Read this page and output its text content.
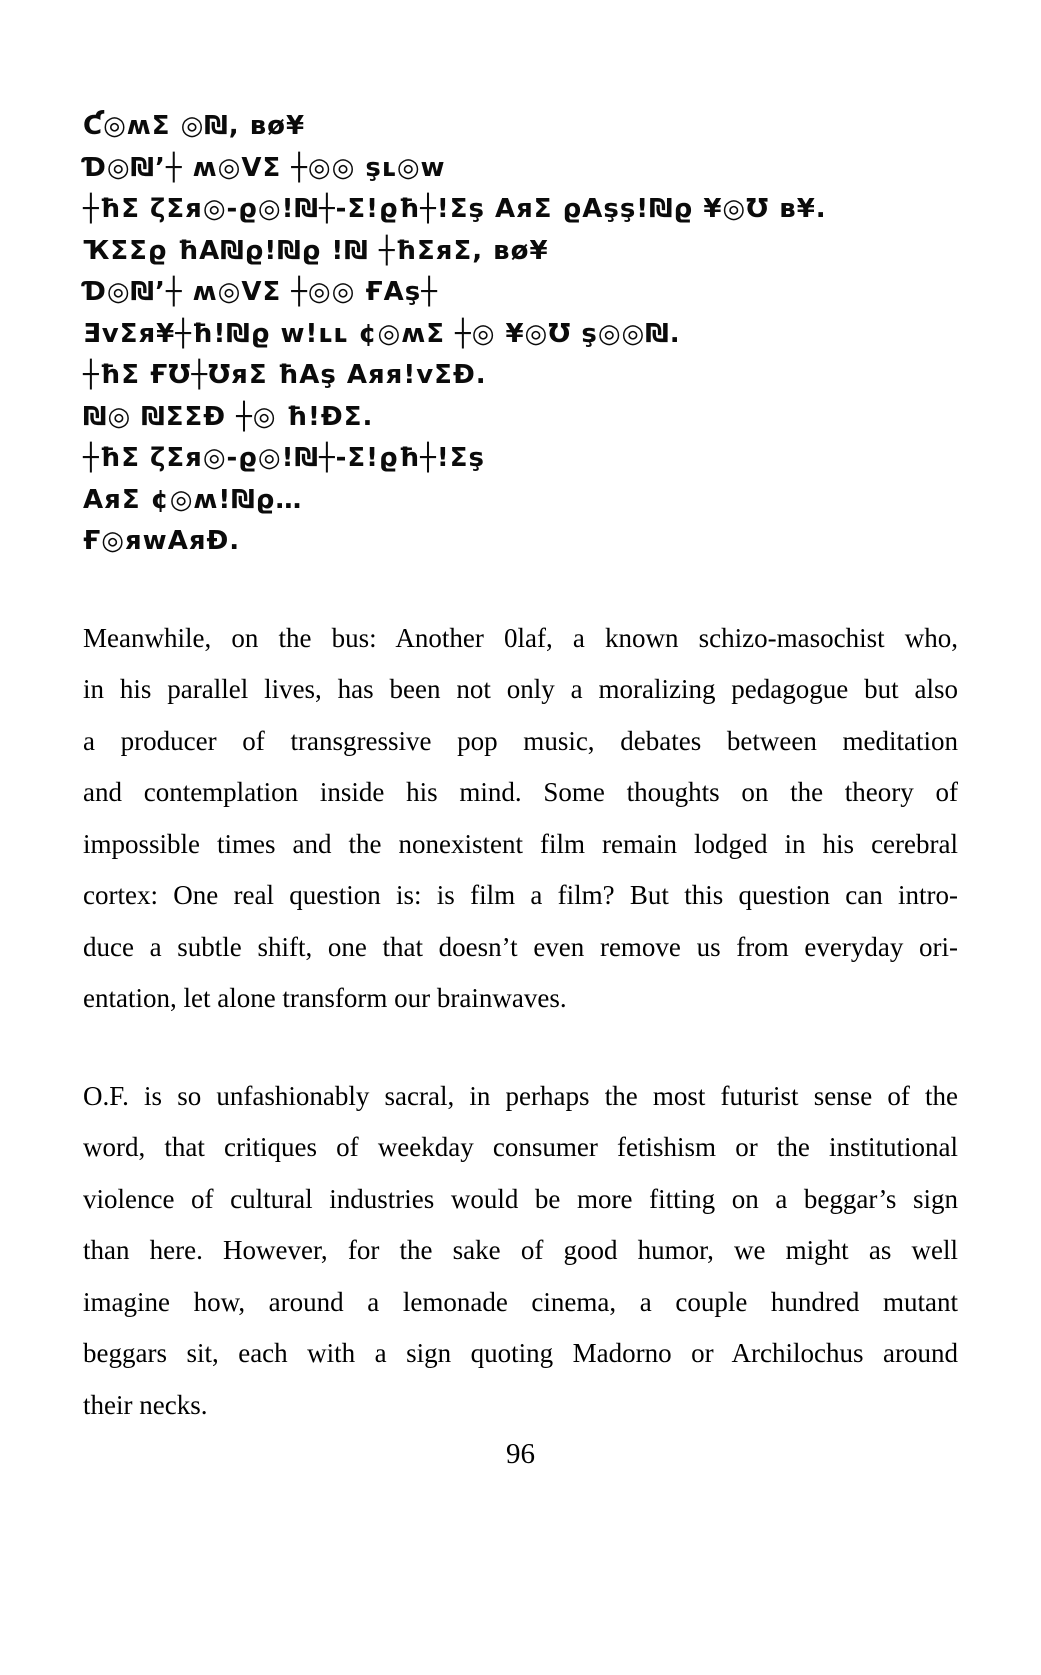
Ƈ◎ʍƩ ◎₪, ʙø¥
Ɗ◎₪’┼ ʍ◎VƩ ┼◎◎ şʟ◎w
┼ħƩ ζƩя◎-ϱ◎!₪┼-Ʃ!ϱħ┼!Ʃş AяƩ ϱAşş!₪ϱ ¥◎Ʊ ʙ¥.
ҠƩƩϱ ħA₪ϱ!₪ϱ !₪ ┼ħƩяƩ, ʙø¥
Ɗ◎₪’┼ ʍ◎VƩ ┼◎◎ ҒAş┼
ƎvƩя¥┼ħ!₪ϱ w!ʟʟ ¢◎ʍƩ ┼◎ ¥◎Ʊ ş◎◎₪.
┼ħƩ ҒƱ┼ƱяƩ ħAş Aяя!vƩĐ.
₪◎ ₪ƩƩĐ ┼◎ ħ!ĐƩ.
┼ħƩ ζƩя◎-ϱ◎!₪┼-Ʃ!ϱħ┼!Ʃş
AяƩ ¢◎ʍ!₪ϱ…
Ғ◎яwAяĐ.
Meanwhile, on the bus: Another 0laf, a known schizo-masochist who,
in his parallel lives, has been not only a moralizing pedagogue but also
a producer of transgressive pop music, debates between meditation
and contemplation inside his mind. Some thoughts on the theory of
impossible times and the nonexistent film remain lodged in his cerebral
cortex: One real question is: is film a film? But this question can intro-
duce a subtle shift, one that doesn’t even remove us from everyday ori-
entation, let alone transform our brainwaves.
O.F. is so unfashionably sacral, in perhaps the most futurist sense of the
word, that critiques of weekday consumer fetishism or the institutional
violence of cultural industries would be more fitting on a beggar’s sign
than here. However, for the sake of good humor, we might as well
imagine how, around a lemonade cinema, a couple hundred mutant
beggars sit, each with a sign quoting Madorno or Archilochus around
their necks.
96
